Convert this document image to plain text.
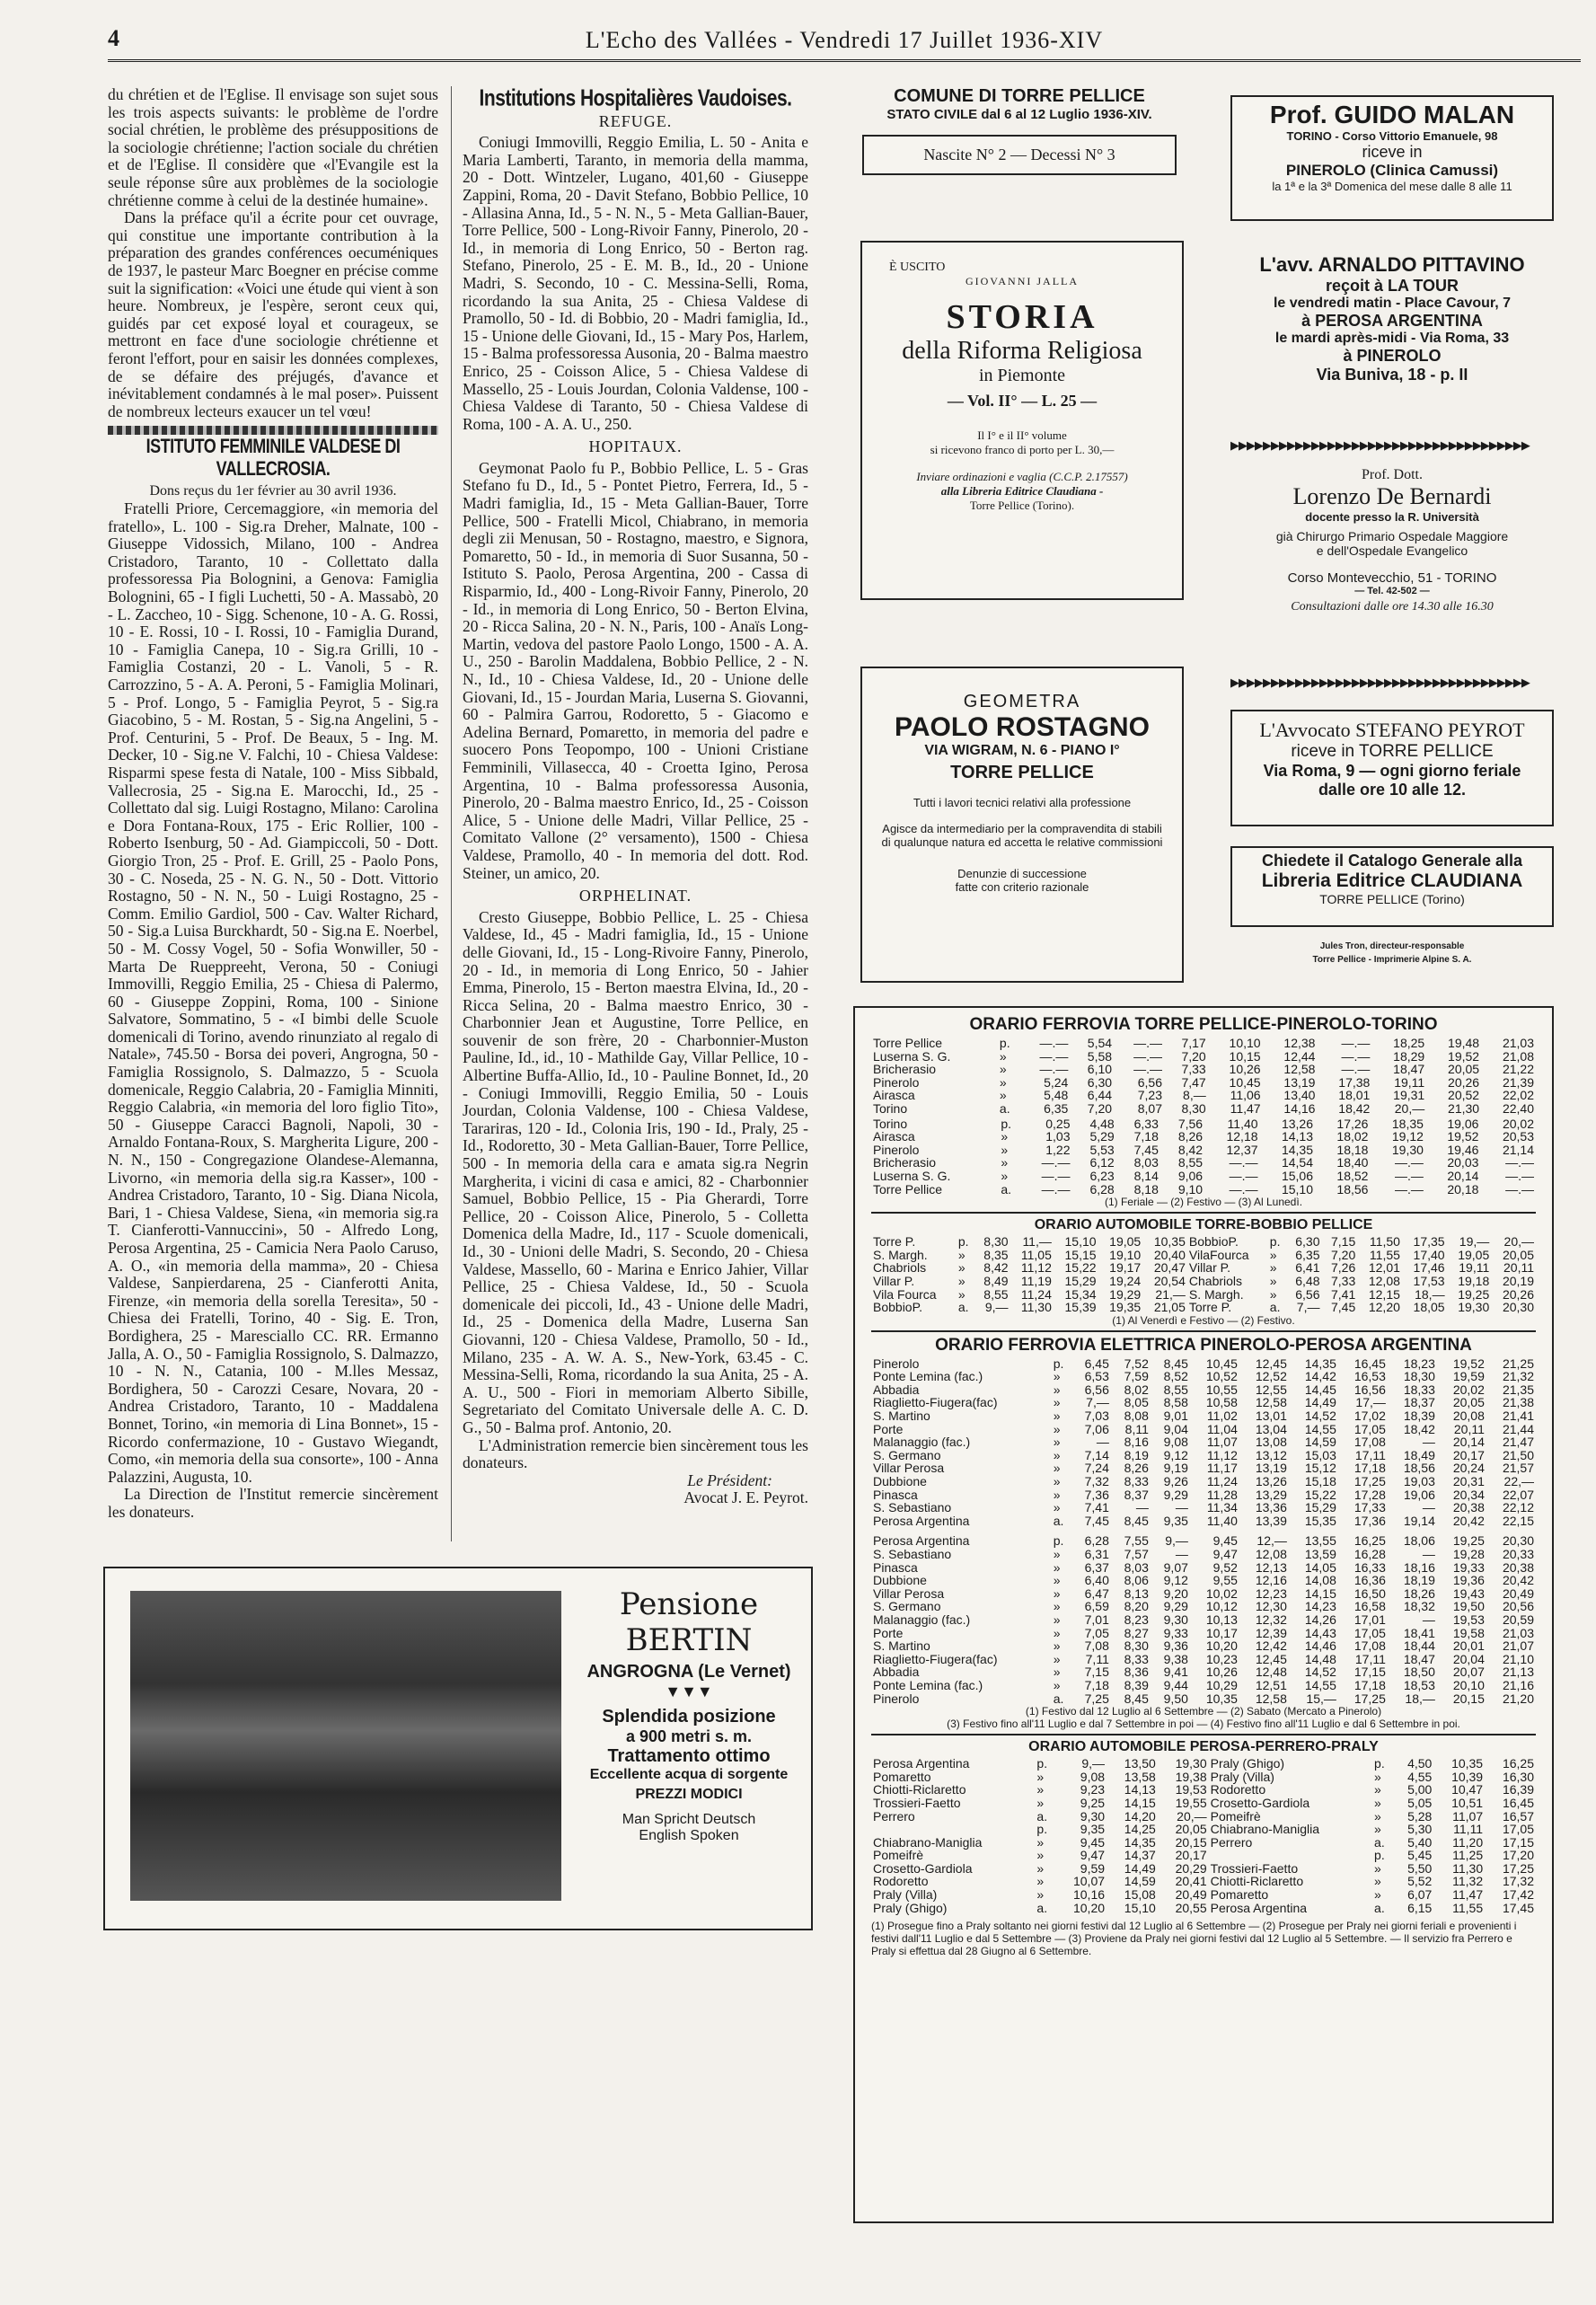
4	L'Echo des Vallées - Vendredi 17 Juillet 1936-XIV

du chrétien et de l'Eglise. Il envisage son sujet sous les trois aspects suivants: le problème de l'ordre social chrétien, le problème des présuppositions de la sociologie chrétienne; l'action sociale du chrétien et de l'Eglise. Il considère que «l'Evangile est la seule réponse sûre aux problèmes de la sociologie chrétienne comme à celui de la destinée humaine».

Dans la préface qu'il a écrite pour cet ouvrage, qui constitue une importante contribution à la préparation des grandes conférences oecuméniques de 1937, le pasteur Marc Boegner en précise comme suit la signification: «Voici une étude qui vient à son heure. Nombreux, je l'espère, seront ceux qui, guidés par cet exposé loyal et courageux, se mettront en face d'une sociologie chrétienne et feront l'effort, pour en saisir les données complexes, de se défaire des préjugés, d'avance et inévitablement condamnés à le mal poser». Puissent de nombreux lecteurs exaucer un tel vœu!

ISTITUTO FEMMINILE VALDESE DI VALLECROSIA.
Dons reçus du 1er février au 30 avril 1936.

Fratelli Priore, Cercemaggiore, «in memoria del fratello», L. 100 - Sig.ra Dreher, Malnate, 100 - Giuseppe Vidossich, Milano, 100 - Andrea Cristadoro, Taranto, 10 - Collettato dalla professoressa Pia Bolognini, a Genova: Famiglia Bolognini, 65 - I figli Luchetti, 50 - A. Massabò, 20 - L. Zaccheo, 10 - Sigg. Schenone, 10 - A. G. Rossi, 10 - E. Rossi, 10 - I. Rossi, 10 - Famiglia Durand, 10 - Famiglia Canepa, 10 - Sig.ra Grilli, 10 - Famiglia Costanzi, 20 - L. Vanoli, 5 - R. Carrozzino, 5 - A. A. Peroni, 5 - Famiglia Molinari, 5 - Prof. Longo, 5 - Famiglia Peyrot, 5 - Sig.ra Giacobino, 5 - M. Rostan, 5 - Sig.na Angelini, 5 - Prof. Centurini, 5 - Prof. De Beaux, 5 - Ing. M. Decker, 10 - Sig.ne V. Falchi, 10 - Chiesa Valdese: Risparmi spese festa di Natale, 100 - Miss Sibbald, Vallecrosia, 25 - Sig.na E. Marocchi, Id., 25 - Collettato dal sig. Luigi Rostagno, Milano: Carolina e Dora Fontana-Roux, 175 - Eric Rollier, 100 - Roberto Isenburg, 50 - Ad. Giampiccoli, 50 - Dott. Giorgio Tron, 25 - Prof. E. Grill, 25 - Paolo Pons, 30 - C. Noseda, 25 - N. G. N., 50 - Dott. Vittorio Rostagno, 50 - N. N., 50 - Luigi Rostagno, 25 - Comm. Emilio Gardiol, 500 - Cav. Walter Richard, 50 - Sig.a Luisa Burckhardt, 50 - Sig.na E. Noerbel, 50 - M. Cossy Vogel, 50 - Sofia Wonwiller, 50 - Marta De Rueppreeht, Verona, 50 - Coniugi Immovilli, Reggio Emilia, 25 - Chiesa di Palermo, 60 - Giuseppe Zoppini, Roma, 100 - Sinione Salvatore, Sommatino, 5 - «I bimbi delle Scuole domenicali di Torino, avendo rinunziato al regalo di Natale», 745.50 - Borsa dei poveri, Angrogna, 50 - Famiglia Rossignolo, S. Dalmazzo, 5 - Scuola domenicale, Reggio Calabria, 20 - Famiglia Minniti, Reggio Calabria, «in memoria del loro figlio Tito», 50 - Giuseppe Caracci Bagnoli, Napoli, 30 - Arnaldo Fontana-Roux, S. Margherita Ligure, 200 - N. N., 150 - Congregazione Olandese-Alemanna, Livorno, «in memoria della sig.ra Kasser», 100 - Andrea Cristadoro, Taranto, 10 - Sig. Diana Nicola, Bari, 1 - Chiesa Valdese, Siena, «in memoria sig.ra T. Cianferotti-Vannuccini», 50 - Alfredo Long, Perosa Argentina, 25 - Camicia Nera Paolo Caruso, A. O., «in memoria della mamma», 20 - Chiesa Valdese, Sanpierdarena, 25 - Cianferotti Anita, Firenze, «in memoria della sorella Teresita», 50 - Chiesa dei Fratelli, Torino, 40 - Sig. E. Tron, Bordighera, 25 - Maresciallo CC. RR. Ermanno Jalla, A. O., 50 - Famiglia Rossignolo, S. Dalmazzo, 10 - N. N., Catania, 100 - M.lles Messaz, Bordighera, 50 - Carozzi Cesare, Novara, 20 - Andrea Cristadoro, Taranto, 10 - Maddalena Bonnet, Torino, «in memoria di Lina Bonnet», 15 - Ricordo confermazione, 10 - Gustavo Wiegandt, Como, «in memoria della sua consorte», 100 - Anna Palazzini, Augusta, 10.

La Direction de l'Institut remercie sincèrement les donateurs.

Institutions Hospitalières Vaudoises.
REFUGE.

Coniugi Immovilli, Reggio Emilia, L. 50 - Anita e Maria Lamberti, Taranto, in memoria della mamma, 20 - Dott. Wintzeler, Lugano, 401,60 - Giuseppe Zappini, Roma, 20 - Davit Stefano, Bobbio Pellice, 10 - Allasina Anna, Id., 5 - N. N., 5 - Meta Gallian-Bauer, Torre Pellice, 500 - Long-Rivoir Fanny, Pinerolo, 20 - Id., in memoria di Long Enrico, 50 - Berton rag. Stefano, Pinerolo, 25 - E. M. B., Id., 20 - Unione Madri, S. Secondo, 10 - C. Messina-Selli, Roma, ricordando la sua Anita, 25 - Chiesa Valdese di Pramollo, 50 - Id. di Bobbio, 20 - Madri famiglia, Id., 15 - Unione delle Giovani, Id., 15 - Mary Pos, Harlem, 15 - Balma professoressa Ausonia, 20 - Balma maestro Enrico, 25 - Coisson Alice, 5 - Chiesa Valdese di Massello, 25 - Louis Jourdan, Colonia Valdense, 100 - Chiesa Valdese di Taranto, 50 - Chiesa Valdese di Roma, 100 - A. A. U., 250.

HOPITAUX.

Geymonat Paolo fu P., Bobbio Pellice, L. 5 - Gras Stefano fu D., Id., 5 - Pontet Pietro, Ferrera, Id., 5 - Madri famiglia, Id., 15 - Meta Gallian-Bauer, Torre Pellice, 500 - Fratelli Micol, Chiabrano, in memoria degli zii Menusan, 50 - Rostagno, maestro, e Signora, Pomaretto, 50 - Id., in memoria di Suor Susanna, 50 - Istituto S. Paolo, Perosa Argentina, 200 - Cassa di Risparmio, Id., 400 - Long-Rivoir Fanny, Pinerolo, 20 - Id., in memoria di Long Enrico, 50 - Berton Elvina, 20 - Ricca Salina, 20 - N. N., Paris, 100 - Anaïs Long-Martin, vedova del pastore Paolo Longo, 1500 - A. A. U., 250 - Barolin Maddalena, Bobbio Pellice, 2 - N. N., Id., 10 - Chiesa Valdese, Id., 20 - Unione delle Giovani, Id., 15 - Jourdan Maria, Luserna S. Giovanni, 60 - Palmira Garrou, Rodoretto, 5 - Giacomo e Adelina Bernard, Pomaretto, in memoria del padre e suocero Pons Teopompo, 100 - Unioni Cristiane Femminili, Villasecca, 40 - Croetta Igino, Perosa Argentina, 10 - Balma professoressa Ausonia, Pinerolo, 20 - Balma maestro Enrico, Id., 25 - Coisson Alice, 5 - Unione delle Madri, Villar Pellice, 25 - Comitato Vallone (2° versamento), 1500 - Chiesa Valdese, Pramollo, 40 - In memoria del dott. Rod. Steiner, un amico, 20.

ORPHELINAT.

Cresto Giuseppe, Bobbio Pellice, L. 25 - Chiesa Valdese, Id., 45 - Madri famiglia, Id., 15 - Unione delle Giovani, Id., 15 - Long-Rivoire Fanny, Pinerolo, 20 - Id., in memoria di Long Enrico, 50 - Jahier Emma, Pinerolo, 15 - Berton maestra Elvina, Id., 20 - Ricca Selina, 20 - Balma maestro Enrico, 30 - Charbonnier Jean et Augustine, Torre Pellice, en souvenir de son frère, 20 - Charbonnier-Muston Pauline, Id., id., 10 - Mathilde Gay, Villar Pellice, 10 - Albertine Buffa-Allio, Id., 10 - Pauline Bonnet, Id., 20 - Coniugi Immovilli, Reggio Emilia, 50 - Louis Jourdan, Colonia Valdense, 100 - Chiesa Valdese, Tarariras, 120 - Id., Colonia Iris, 190 - Id., Praly, 25 - Id., Rodoretto, 30 - Meta Gallian-Bauer, Torre Pellice, 500 - In memoria della cara e amata sig.ra Negrin Margherita, i vicini di casa e amici, 82 - Charbonnier Samuel, Bobbio Pellice, 15 - Pia Gherardi, Torre Pellice, 20 - Coisson Alice, Pinerolo, 5 - Colletta Domenica della Madre, Id., 117 - Scuole domenicali, Id., 30 - Unioni delle Madri, S. Secondo, 20 - Chiesa Valdese, Massello, 60 - Marina e Enrico Jahier, Villar Pellice, 25 - Chiesa Valdese, Id., 50 - Scuola domenicale dei piccoli, Id., 43 - Unione delle Madri, Id., 25 - Domenica della Madre, Luserna San Giovanni, 120 - Chiesa Valdese, Pramollo, 50 - Id., Milano, 235 - A. W. A. S., New-York, 63.45 - C. Messina-Selli, Roma, ricordando la sua Anita, 25 - A. A. U., 500 - Fiori in memoriam Alberto Sibille, Segretariato del Comitato Universale delle A. C. D. G., 50 - Balma prof. Antonio, 20.

L'Administration remercie bien sincèrement tous les donateurs.

Le Président:
Avocat J. E. Peyrot.
Pensione BERTIN
ANGROGNA (Le Vernet)
▼▼▼
Splendida posizione
a 900 metri s. m.
Trattamento ottimo
Eccellente acqua di sorgente
PREZZI MODICI
Man Spricht Deutsch
English Spoken
COMUNE DI TORRE PELLICE
STATO CIVILE dal 6 al 12 Luglio 1936-XIV.
Nascite N° 2 — Decessi N° 3
È USCITO
GIOVANNI JALLA
STORIA
della Riforma Religiosa
in Piemonte
— Vol. II° — L. 25 —
Il I° e il II° volume
si ricevono franco di porto per L. 30,—
Inviare ordinazioni e vaglia (C.C.P. 2.17557)
alla Libreria Editrice Claudiana -
Torre Pellice (Torino).
GEOMETRA
PAOLO ROSTAGNO
VIA WIGRAM, N. 6 - PIANO I°
TORRE PELLICE
Tutti i lavori tecnici relativi alla professione
Agisce da intermediario per la compravendita di stabili di qualunque natura ed accetta le relative commissioni
Denunzie di successione
fatte con criterio razionale
Prof. GUIDO MALAN
TORINO - Corso Vittorio Emanuele, 98
riceve in
PINEROLO (Clinica Camussi)
la 1ª e la 3ª Domenica del mese dalle 8 alle 11
L'avv. ARNALDO PITTAVINO
reçoit à LA TOUR
le vendredi matin - Place Cavour, 7
à PEROSA ARGENTINA
le mardi après-midi - Via Roma, 33
à PINEROLO
Via Buniva, 18 - p. II
▶▶▶▶▶▶▶▶▶▶▶▶▶▶▶▶▶▶▶▶▶▶▶▶▶▶▶▶▶▶▶▶▶▶▶▶▶
Prof. Dott.
Lorenzo De Bernardi
docente presso la R. Università
già Chirurgo Primario Ospedale Maggiore
e dell'Ospedale Evangelico
Corso Montevecchio, 51 - TORINO
— Tel. 42-502 —
Consultazioni dalle ore 14.30 alle 16.30
▶▶▶▶▶▶▶▶▶▶▶▶▶▶▶▶▶▶▶▶▶▶▶▶▶▶▶▶▶▶▶▶▶▶▶▶▶
L'Avvocato STEFANO PEYROT
riceve in TORRE PELLICE
Via Roma, 9 — ogni giorno feriale
dalle ore 10 alle 12.
Chiedete il Catalogo Generale alla
Libreria Editrice CLAUDIANA
TORRE PELLICE (Torino)
Jules Tron, directeur-responsable
Torre Pellice - Imprimerie Alpine S. A.
ORARIO FERROVIA TORRE PELLICE-PINEROLO-TORINO
Torre Pellice	p.	—.—	5,54	—.—	7,17	10,10	12,38	—.—	18,25	19,48	21,03
Luserna S. G.	»	—.—	5,58	—.—	7,20	10,15	12,44	—.—	18,29	19,52	21,08
Bricherasio	»	—.—	6,10	—.—	7,33	10,26	12,58	—.—	18,47	20,05	21,22
Pinerolo	»	5,24	6,30	6,56	7,47	10,45	13,19	17,38	19,11	20,26	21,39
Airasca	»	5,48	6,44	7,23	8,—	11,06	13,40	18,01	19,31	20,52	22,02
Torino	a.	6,35	7,20	8,07	8,30	11,47	14,16	18,42	20,—	21,30	22,40
Torino	p.	0,25	4,48	6,33	7,56	11,40	13,26	17,26	18,35	19,06	20,02
Airasca	»	1,03	5,29	7,18	8,26	12,18	14,13	18,02	19,12	19,52	20,53
Pinerolo	»	1,22	5,53	7,45	8,42	12,37	14,35	18,18	19,30	19,46	21,14
Bricherasio	»	—.—	6,12	8,03	8,55	—.—	14,54	18,40	—.—	20,03	—.—
Luserna S. G.	»	—.—	6,23	8,14	9,06	—.—	15,06	18,52	—.—	20,14	—.—
Torre Pellice	a.	—.—	6,28	8,18	9,10	—.—	15,10	18,56	—.—	20,18	—.—
(1) Feriale — (2) Festivo — (3) Al Lunedì.
ORARIO AUTOMOBILE TORRE-BOBBIO PELLICE
Torre P.	p.	8,30	11,—	15,10	19,05	10,35	BobbioP.	p.	6,30	7,15	11,50	17,35	19,—	20,—
S. Margh.	»	8,35	11,05	15,15	19,10	20,40	VilaFourca	»	6,35	7,20	11,55	17,40	19,05	20,05
Chabriols	»	8,42	11,12	15,22	19,17	20,47	Villar P.	»	6,41	7,26	12,01	17,46	19,11	20,11
Villar P.	»	8,49	11,19	15,29	19,24	20,54	Chabriols	»	6,48	7,33	12,08	17,53	19,18	20,19
Vila Fourca	»	8,55	11,24	15,34	19,29	21,—	S. Margh.	»	6,56	7,41	12,15	18,—	19,25	20,26
BobbioP.	a.	9,—	11,30	15,39	19,35	21,05	Torre P.	a.	7,—	7,45	12,20	18,05	19,30	20,30
(1) Al Venerdì e Festivo — (2) Festivo.
ORARIO FERROVIA ELETTRICA PINEROLO-PEROSA ARGENTINA
Pinerolo	p.	6,45	7,52	8,45	10,45	12,45	14,35	16,45	18,23	19,52	21,25
Ponte Lemina (fac.)	»	6,53	7,59	8,52	10,52	12,52	14,42	16,53	18,30	19,59	21,32
Abbadia	»	6,56	8,02	8,55	10,55	12,55	14,45	16,56	18,33	20,02	21,35
Riaglietto-Fiugera(fac)	»	7,—	8,05	8,58	10,58	12,58	14,49	17,—	18,37	20,05	21,38
S. Martino	»	7,03	8,08	9,01	11,02	13,01	14,52	17,02	18,39	20,08	21,41
Porte	»	7,06	8,11	9,04	11,04	13,04	14,55	17,05	18,42	20,11	21,44
Malanaggio (fac.)	»	—	8,16	9,08	11,07	13,08	14,59	17,08	—	20,14	21,47
S. Germano	»	7,14	8,19	9,12	11,12	13,12	15,03	17,11	18,49	20,17	21,50
Villar Perosa	»	7,24	8,26	9,19	11,17	13,19	15,12	17,18	18,56	20,24	21,57
Dubbione	»	7,32	8,33	9,26	11,24	13,26	15,18	17,25	19,03	20,31	22,—
Pinasca	»	7,36	8,37	9,29	11,28	13,29	15,22	17,28	19,06	20,34	22,07
S. Sebastiano	»	7,41	—	—	11,34	13,36	15,29	17,33	—	20,38	22,12
Perosa Argentina	a.	7,45	8,45	9,35	11,40	13,39	15,35	17,36	19,14	20,42	22,15
Perosa Argentina	p.	6,28	7,55	9,—	9,45	12,—	13,55	16,25	18,06	19,25	20,30
S. Sebastiano	»	6,31	7,57	—	9,47	12,08	13,59	16,28	—	19,28	20,33
Pinasca	»	6,37	8,03	9,07	9,52	12,13	14,05	16,33	18,16	19,33	20,38
Dubbione	»	6,40	8,06	9,12	9,55	12,16	14,08	16,36	18,19	19,36	20,42
Villar Perosa	»	6,47	8,13	9,20	10,02	12,23	14,15	16,50	18,26	19,43	20,49
S. Germano	»	6,59	8,20	9,29	10,12	12,30	14,23	16,58	18,32	19,50	20,56
Malanaggio (fac.)	»	7,01	8,23	9,30	10,13	12,32	14,26	17,01	—	19,53	20,59
Porte	»	7,05	8,27	9,33	10,17	12,39	14,43	17,05	18,41	19,58	21,03
S. Martino	»	7,08	8,30	9,36	10,20	12,42	14,46	17,08	18,44	20,01	21,07
Riaglietto-Fiugera(fac)	»	7,11	8,33	9,38	10,23	12,45	14,48	17,11	18,47	20,04	21,10
Abbadia	»	7,15	8,36	9,41	10,26	12,48	14,52	17,15	18,50	20,07	21,13
Ponte Lemina (fac.)	»	7,18	8,39	9,44	10,29	12,51	14,55	17,18	18,53	20,10	21,16
Pinerolo	a.	7,25	8,45	9,50	10,35	12,58	15,—	17,25	18,—	20,15	21,20
(1) Festivo dal 12 Luglio al 6 Settembre — (2) Sabato (Mercato a Pinerolo)
(3) Festivo fino all'11 Luglio e dal 7 Settembre in poi — (4) Festivo fino all'11 Luglio e dal 6 Settembre in poi.
ORARIO AUTOMOBILE PEROSA-PERRERO-PRALY
Perosa Argentina	p.	9,—	13,50	19,30	Praly (Ghigo)	p.	4,50	10,35	16,25
Pomaretto	»	9,08	13,58	19,38	Praly (Villa)	»	4,55	10,39	16,30
Chiotti-Riclaretto	»	9,23	14,13	19,53	Rodoretto	»	5,00	10,47	16,39
Trossieri-Faetto	»	9,25	14,15	19,55	Crosetto-Gardiola	»	5,05	10,51	16,45
Perrero	a.	9,30	14,20	20,—	Pomeifrè	»	5,28	11,07	16,57
	p.	9,35	14,25	20,05	Chiabrano-Maniglia	»	5,30	11,11	17,05
Chiabrano-Maniglia	»	9,45	14,35	20,15	Perrero	a.	5,40	11,20	17,15
Pomeifrè	»	9,47	14,37	20,17		p.	5,45	11,25	17,20
Crosetto-Gardiola	»	9,59	14,49	20,29	Trossieri-Faetto	»	5,50	11,30	17,25
Rodoretto	»	10,07	14,59	20,41	Chiotti-Riclaretto	»	5,52	11,32	17,32
Praly (Villa)	»	10,16	15,08	20,49	Pomaretto	»	6,07	11,47	17,42
Praly (Ghigo)	a.	10,20	15,10	20,55	Perosa Argentina	a.	6,15	11,55	17,45
(1) Prosegue fino a Praly soltanto nei giorni festivi dal 12 Luglio al 6 Settembre — (2) Prosegue per Praly nei giorni feriali e provenienti i festivi dall'11 Luglio e dal 5 Settembre — (3) Proviene da Praly nei giorni festivi dal 12 Luglio al 5 Settembre. — Il servizio fra Perrero e Praly si effettua dal 28 Giugno al 6 Settembre.
